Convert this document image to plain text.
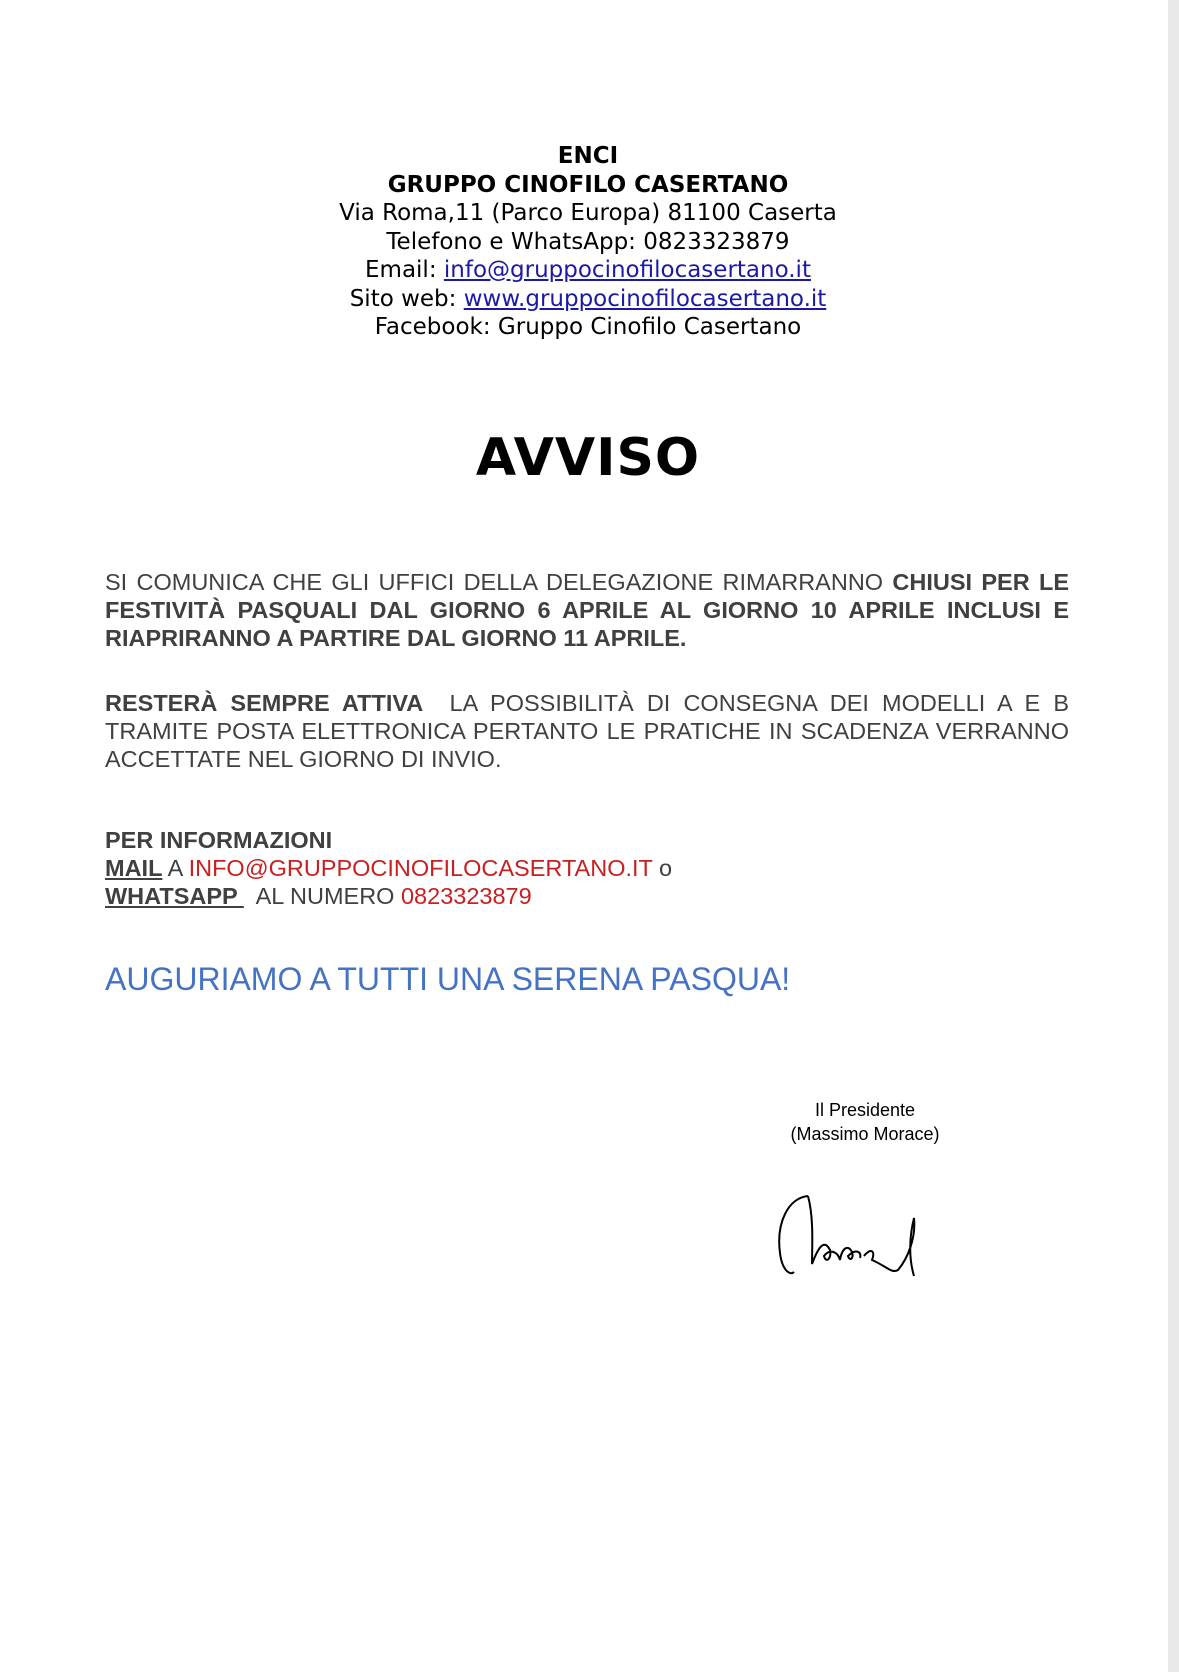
ENCI
GRUPPO CINOFILO CASERTANO
Via Roma,11 (Parco Europa) 81100 Caserta
Telefono e WhatsApp: 0823323879
Email: info@gruppocinofilocasertano.it
Sito web: www.gruppocinofilocasertano.it
Facebook: Gruppo Cinofilo Casertano
AVVISO
SI COMUNICA CHE GLI UFFICI DELLA DELEGAZIONE RIMARRANNO CHIUSI PER LE FESTIVITÀ PASQUALI DAL GIORNO 6 APRILE AL GIORNO 10 APRILE INCLUSI E RIAPRIRANNO A PARTIRE DAL GIORNO 11 APRILE.
RESTERÀ SEMPRE ATTIVA  LA POSSIBILITÀ DI CONSEGNA DEI MODELLI A E B  TRAMITE POSTA ELETTRONICA PERTANTO LE PRATICHE IN SCADENZA VERRANNO ACCETTATE NEL GIORNO DI INVIO.
PER INFORMAZIONI
MAIL A INFO@GRUPPOCINOFILOCASERTANO.IT o
WHATSAPP   AL NUMERO 0823323879
AUGURIAMO A TUTTI UNA SERENA PASQUA!
Il Presidente
(Massimo Morace)
